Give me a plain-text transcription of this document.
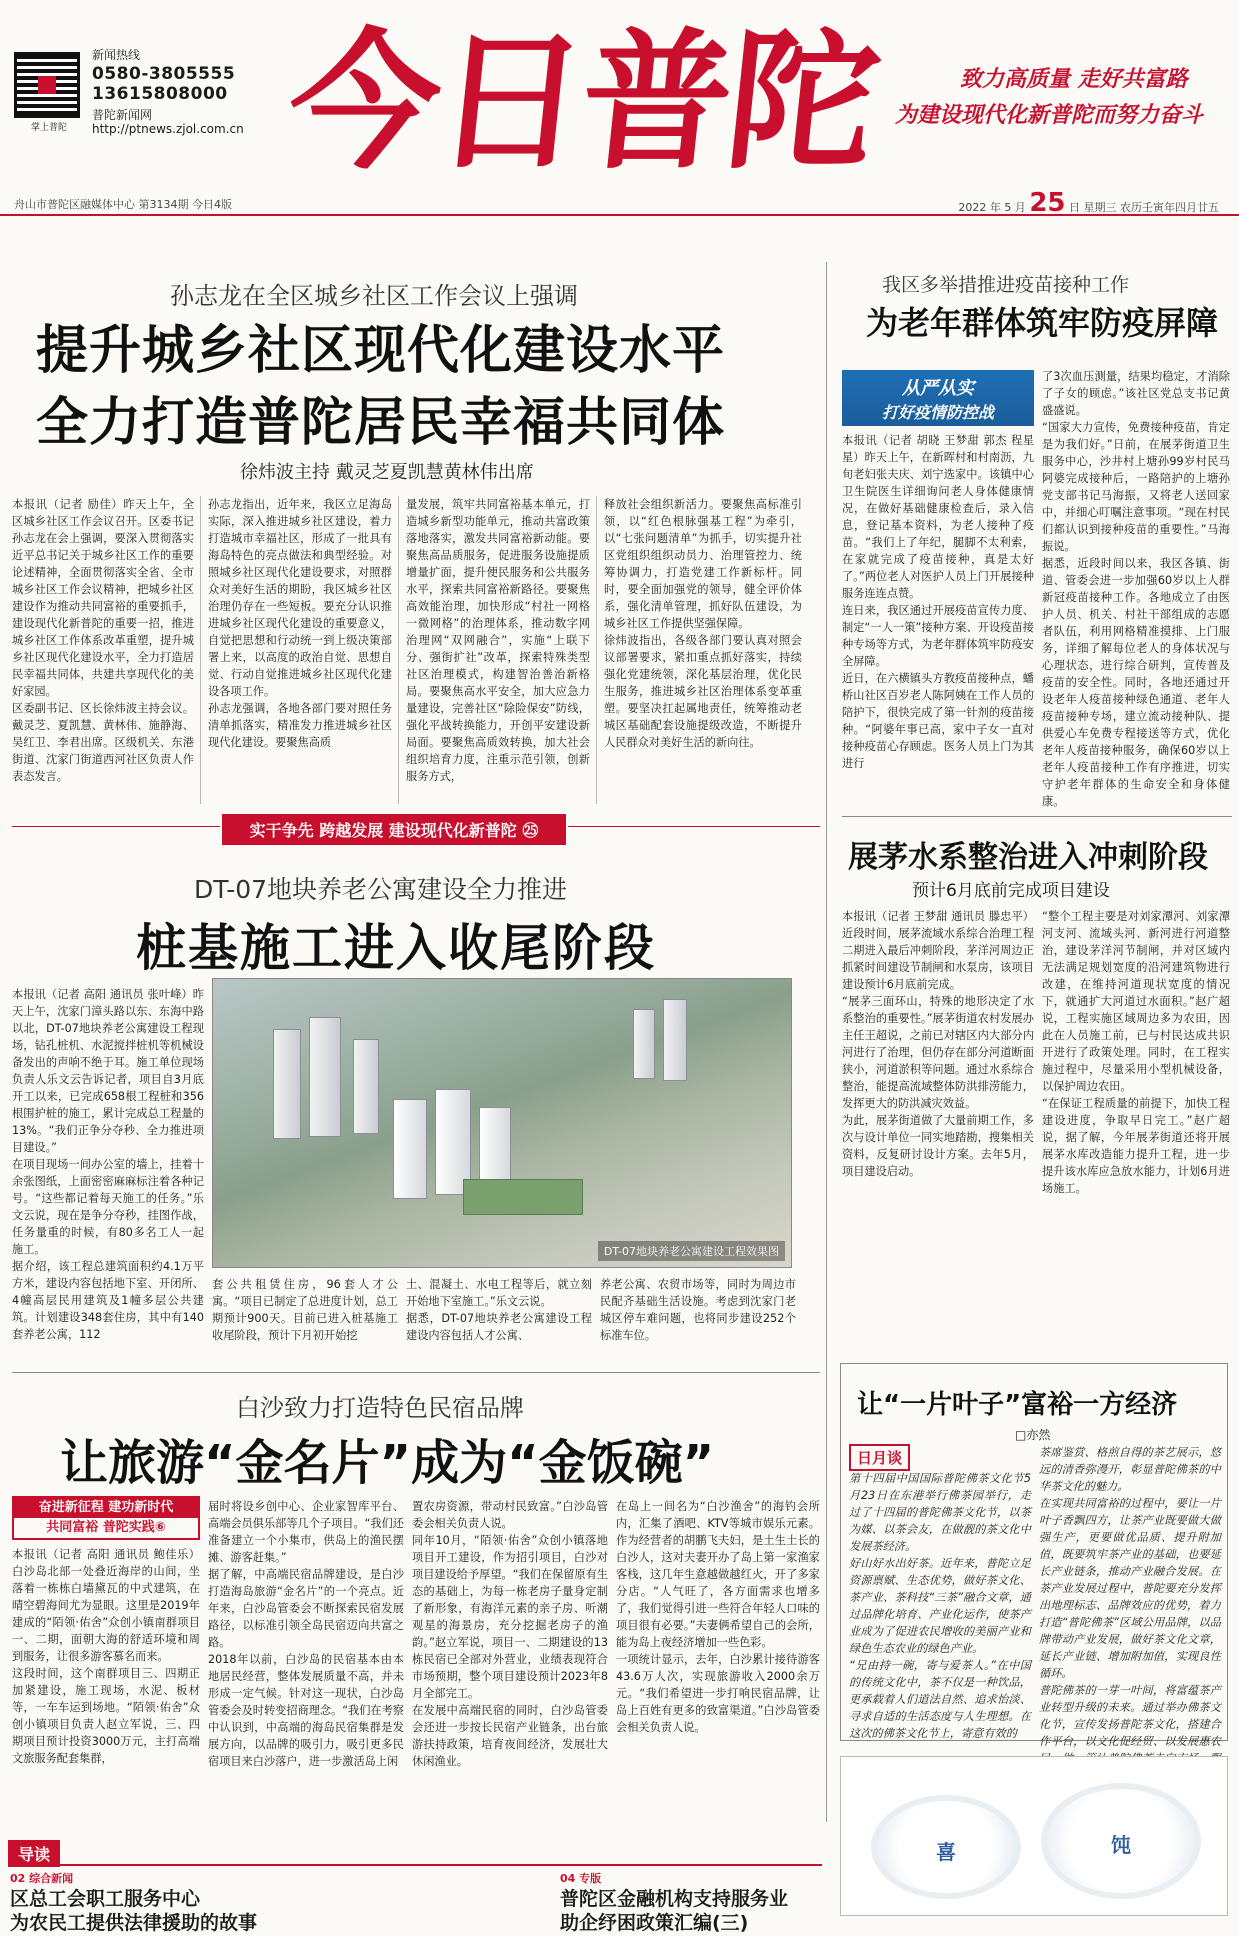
掌上普陀
新闻热线
0580-3805555
13615808000
普陀新闻网
http://ptnews.zjol.com.cn 今日普陀	致力高质量 走好共富路
为建设现代化新普陀而努力奋斗
舟山市普陀区融媒体中心 第3134期 今日4版	2022 年 5 月 25 日 星期三 农历壬寅年四月廿五
孙志龙在全区城乡社区工作会议上强调
提升城乡社区现代化建设水平
全力打造普陀居民幸福共同体
徐炜波主持 戴灵芝夏凯慧黄林伟出席
本报讯（记者 励佳）昨天上午，全区城乡社区工作会议召开。区委书记孙志龙在会上强调，要深入贯彻落实近平总书记关于城乡社区工作的重要论述精神，全面贯彻落实全省、全市城乡社区工作会议精神，把城乡社区建设作为推动共同富裕的重要抓手，建设现代化新普陀的重要一招，推进城乡社区工作体系改革重塑，提升城乡社区现代化建设水平，全力打造居民幸福共同体，共建共享现代化的美好家园。
区委副书记、区长徐炜波主持会议。戴灵芝、夏凯慧、黄林伟、施静海、吴红卫、李君出席。区级机关、东港街道、沈家门街道西河社区负责人作表态发言。
孙志龙指出，近年来，我区立足海岛实际，深入推进城乡社区建设，着力打造城市幸福社区，形成了一批具有海岛特色的亮点做法和典型经验。对照城乡社区现代化建设要求，对照群众对美好生活的期盼，我区城乡社区治理仍存在一些短板。要充分认识推进城乡社区现代化建设的重要意义，自觉把思想和行动统一到上级决策部署上来，以高度的政治自觉、思想自觉、行动自觉推进城乡社区现代化建设各项工作。
孙志龙强调，各地各部门要对照任务清单抓落实，精准发力推进城乡社区现代化建设。要聚焦高质
量发展，筑牢共同富裕基本单元，打造城乡新型功能单元，推动共富政策落地落实，激发共同富裕新动能。要聚焦高品质服务，促进服务设施提质增量扩面，提升便民服务和公共服务水平，探索共同富裕新路径。要聚焦高效能治理，加快形成“村社一网格一微网格”的治理体系，推动数字网治理网“双网融合”，实施“上联下分、强街扩社”改革，探索特殊类型社区治理模式，构建智治善治新格局。要聚焦高水平安全，加大应急力量建设，完善社区“除险保安”防线，强化平战转换能力，开创平安建设新局面。要聚焦高质效转换，加大社会组织培育力度，注重示范引领，创新服务方式，
释放社会组织新活力。要聚焦高标准引领，以“红色根脉强基工程”为牵引，以“七张问题清单”为抓手，切实提升社区党组织组织动员力、治理管控力、统筹协调力，打造党建工作新标杆。同时，要全面加强党的领导，健全评价体系，强化清单管理，抓好队伍建设，为城乡社区工作提供坚强保障。
徐炜波指出，各级各部门要认真对照会议部署要求，紧扣重点抓好落实，持续强化党建统领，深化基层治理，优化民生服务，推进城乡社区治理体系变革重塑。要坚决扛起属地责任，统筹推动老城区基础配套设施提级改造，不断提升人民群众对美好生活的新向往。
我区多举措推进疫苗接种工作
为老年群体筑牢防疫屏障
从严从实
打好疫情防控战
本报讯（记者 胡晓 王梦甜 郭杰 程星星）昨天上午，在新晖村和村南沥，九旬老妇张夫庆、刘宁选家中。该镇中心卫生院医生详细询问老人身体健康情况，在做好基础健康检查后，录入信息，登记基本资料，为老人接种了疫苗。“我们上了年纪，腿脚不太利索，在家就完成了疫苗接种，真是太好了。”两位老人对医护人员上门开展接种服务连连点赞。
连日来，我区通过开展疫苗宣传力度、制定“一人一策”接种方案、开设疫苗接种专场等方式，为老年群体筑牢防疫安全屏障。
近日，在六横镇头方教疫苗接种点，蟠桥山社区百岁老人陈阿姨在工作人员的陪护下，很快完成了第一针剂的疫苗接种。“阿婆年事已高，家中子女一直对接种疫苗心存顾虑。医务人员上门为其进行
了3次血压测量，结果均稳定，才消除了子女的顾虑。”该社区党总支书记黄盛盛说。
“国家大力宣传，免费接种疫苗，肯定是为我们好。”日前，在展茅街道卫生服务中心，沙井村上塘孙99岁村民马阿婆完成接种后，一路陪护的上塘孙党支部书记马海振，又将老人送回家中，并细心叮嘱注意事项。“现在村民们都认识到接种疫苗的重要性。”马海振说。
据悉，近段时间以来，我区各镇、街道、管委会进一步加强60岁以上人群新冠疫苗接种工作。各地成立了由医护人员、机关、村社干部组成的志愿者队伍，利用网格精准摸排、上门服务，详细了解每位老人的身体状况与心理状态，进行综合研判，宣传普及疫苗的安全性。同时，各地还通过开设老年人疫苗接种绿色通道、老年人疫苗接种专场，建立流动接种队、提供爱心车免费专程接送等方式，优化老年人疫苗接种服务，确保60岁以上老年人疫苗接种工作有序推进，切实守护老年群体的生命安全和身体健康。
实干争先 跨越发展 建设现代化新普陀 ㉕
DT-07地块养老公寓建设全力推进
桩基施工进入收尾阶段
本报讯（记者 高阳 通讯员 张叶峰）昨天上午，沈家门漳头路以东、东海中路以北，DT-07地块养老公寓建设工程现场，钻孔桩机、水泥搅拌桩机等机械设备发出的声响不绝于耳。施工单位现场负责人乐文云告诉记者，项目自3月底开工以来，已完成658根工程桩和356根围护桩的施工，累计完成总工程量的13%。“我们正争分夺秒、全力推进项目建设。”
在项目现场一间办公室的墙上，挂着十余张图纸，上面密密麻麻标注着各种记号。“这些都记着每天施工的任务。”乐文云说，现在是争分夺秒，挂图作战，任务量重的时候，有80多名工人一起施工。
据介绍，该工程总建筑面积约4.1万平方米，建设内容包括地下室、开闭所、4幢高层民用建筑及1幢多层公共建筑。计划建设348套住房，其中有140套养老公寓，112
DT-07地块养老公寓建设工程效果图
套公共租赁住房，96套人才公寓。“项目已制定了总进度计划，总工期预计900天。目前已进入桩基施工收尾阶段，预计下月初开始挖
土、混凝土、水电工程等后，就立刻开始地下室施工。”乐文云说。
据悉，DT-07地块养老公寓建设工程建设内容包括人才公寓、
养老公寓、农贸市场等，同时为周边市民配齐基础生活设施。考虑到沈家门老城区停车难问题，也将同步建设252个标准车位。
展茅水系整治进入冲刺阶段
预计6月底前完成项目建设
本报讯（记者 王梦甜 通讯员 滕忠平）近段时间，展茅流域水系综合治理工程二期进入最后冲刺阶段，茅洋河周边正抓紧时间建设节制闸和水泵房，该项目建设预计6月底前完成。
“展茅三面环山，特殊的地形决定了水系整治的重要性。”展茅街道农村发展办主任王超说，之前已对辖区内大部分内河进行了治理，但仍存在部分河道断面狭小，河道淤积等问题。通过水系综合整治，能提高流域整体防洪排涝能力，发挥更大的防洪减灾效益。
为此，展茅街道做了大量前期工作，多次与设计单位一同实地踏勘，搜集相关资料，反复研讨设计方案。去年5月，项目建设启动。
“整个工程主要是对刘家潭河、刘家潭河支河、流域头河、新河进行河道整治，建设茅洋河节制闸，并对区域内无法满足规划宽度的沿河建筑物进行改建，在维持河道现状宽度的情况下，就通扩大河道过水面积。”赵广超说，工程实施区域周边多为农田，因此在人员施工前，已与村民达成共识开进行了政策处理。同时，在工程实施过程中，尽量采用小型机械设备，以保护周边农田。
“在保证工程质量的前提下，加快工程建设进度，争取早日完工。”赵广超说，据了解，今年展茅街道还将开展展茅水库改造能力提升工程，进一步提升该水库应急放水能力，计划6月进场施工。
白沙致力打造特色民宿品牌
让旅游“金名片”成为“金饭碗”
奋进新征程 建功新时代
共同富裕 普陀实践⑥
本报讯（记者 高阳 通讯员 鲍佳乐）白沙岛北部一处叠近海岸的山间，坐落着一栋栋白墙黛瓦的中式建筑，在晴空碧海间尤为显眼。这里是2019年建成的“陌领·佑舍”众创小镇南群项目一、二期，面朝大海的舒适环境和周到服务，让很多游客慕名而来。
这段时间，这个南群项目三、四期正加紧建设，施工现场，水泥、板材等，一车车运到场地。“陌领·佑舍”众创小镇项目负责人赵立军说，三、四期项目预计投资3000万元，主打高端文旅服务配套集群，
届时将设乡创中心、企业家智库平台、高端会员俱乐部等几个子项目。“我们还准备建立一个小集市，供岛上的渔民摆摊、游客赶集。”
据了解，中高端民宿品牌建设，是白沙打造海岛旅游“金名片”的一个亮点。近年来，白沙岛管委会不断探索民宿发展路径，以标准引领全岛民宿迈向共富之路。
2018年以前，白沙岛的民宿基本由本地居民经营，整体发展质量不高，并未形成一定气候。针对这一现状，白沙岛管委会及时转变招商理念。“我们在考察中认识到，中高端的海岛民宿集群是发展方向，以品牌的吸引力，吸引更多民宿项目来白沙落户，进一步激活岛上闲
置农房资源，带动村民致富。”白沙岛管委会相关负责人说。
同年10月，“陌领·佑舍”众创小镇落地项目开工建设，作为招引项目，白沙对项目建设给予厚望。“我们在保留原有生态的基础上，为每一栋老房子量身定制了新形象，有海洋元素的亲子房、听潮观星的海景房，充分挖掘老房子的渔韵。”赵立军说，项目一、二期建设的13栋民宿已全部对外营业，业绩表现符合市场预期，整个项目建设预计2023年8月全部完工。
在发展中高端民宿的同时，白沙岛管委会还进一步按长民宿产业链条，出台旅游扶持政策，培育夜间经济，发展壮大休闲渔业。
在岛上一间名为“白沙渔舍”的海钓会所内，汇集了酒吧、KTV等城市娱乐元素。作为经营者的胡鹏飞夫妇，是土生土长的白沙人，这对夫妻开办了岛上第一家渔家客栈，这几年生意越做越红火，开了多家分店。“人气旺了，各方面需求也增多了，我们觉得引进一些符合年轻人口味的项目很有必要。”夫妻俩希望自己的会所，能为岛上夜经济增加一些色彩。
一项统计显示，去年，白沙累计接待游客43.6万人次，实现旅游收入2000余万元。“我们希望进一步打响民宿品牌，让岛上百姓有更多的致富渠道。”白沙岛管委会相关负责人说。
让“一片叶子”富裕一方经济
□亦然
日月谈
第十四届中国国际普陀佛茶文化节5月23日在东港举行佛茶园举行，走过了十四届的普陀佛茶文化节，以茶为媒、以茶会友，在做靓的茶文化中发展茶经济。
好山好水出好茶。近年来，普陀立足资源禀赋、生态优势，做好茶文化、茶产业、茶科技“三茶”融合文章，通过品牌化培育、产业化运作，使茶产业成为了促进农民增收的美丽产业和绿色生态农业的绿色产业。
“兄由持一碗，寄与爱茶人。”在中国的传统文化中，茶不仅是一种饮品，更承载着人们道法自然、追求怡淡、寻求自适的生活态度与人生理想。在这次的佛茶文化节上，寄意有效的
茶席鉴赏、格煎自得的茶艺展示，悠远的清香弥漫开，彰显普陀佛茶的中华茶文化的魅力。
在实现共同富裕的过程中，要让一片叶子香飘四方，让茶产业既要做大做强生产，更要做优品质、提升附加值，既要筑牢茶产业的基础，也要延长产业链条，推动产业融合发展。在茶产业发展过程中，普陀要充分发挥出地理标志、品牌效应的优势，着力打造“普陀佛茶”区域公用品牌，以品牌带动产业发展，做好茶文化文章，延长产业链、增加附加值，实现良性循环。
普陀佛茶的一芽一叶间，将富蕴茶产业转型升级的未来。通过举办佛茶文化节，宣传发扬普陀茶文化，搭建合作平台，以文化促经贸、以发展惠农
喜	饨
导读
02 综合新闻
区总工会职工服务中心
为农民工提供法律援助的故事
04 专版
普陀区金融机构支持服务业
助企纾困政策汇编(三)
